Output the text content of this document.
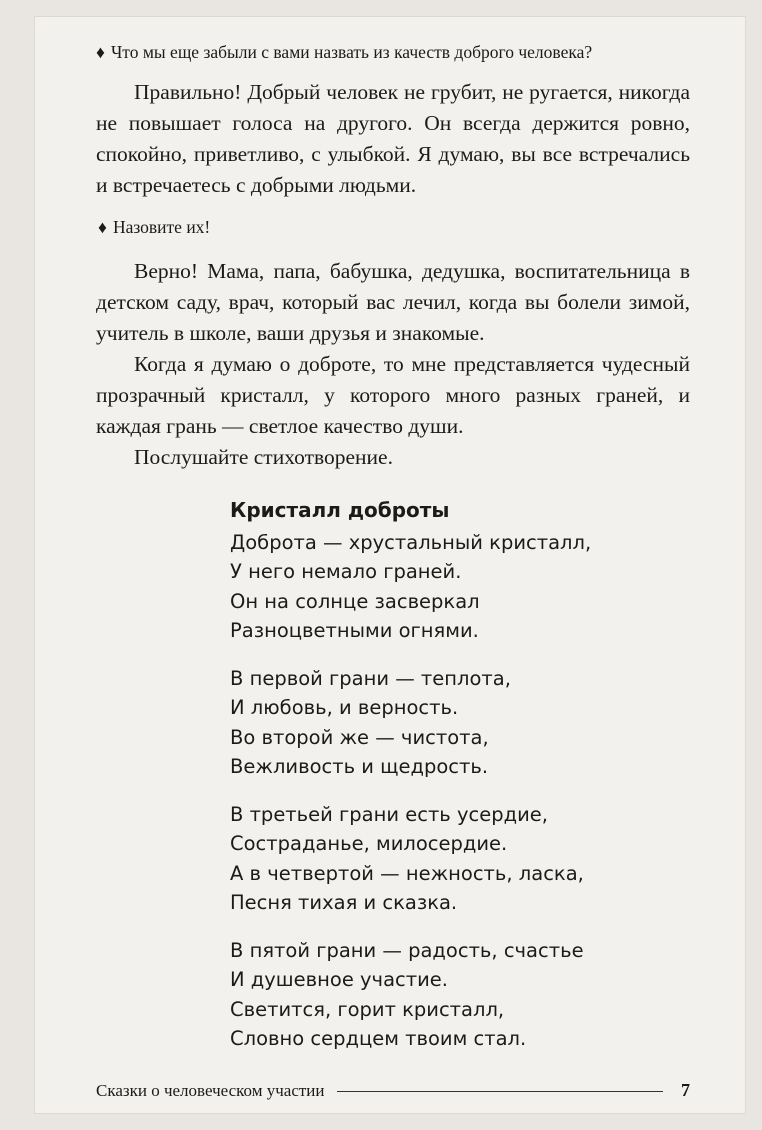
♦ Что мы еще забыли с вами назвать из качеств доброго человека?

Правильно! Добрый человек не грубит, не ругается, никогда не повышает голоса на другого. Он всегда держится ровно, спокойно, приветливо, с улыбкой. Я думаю, вы все встречались и встречаетесь с добрыми людьми.

♦ Назовите их!

Верно! Мама, папа, бабушка, дедушка, воспитательница в детском саду, врач, который вас лечил, когда вы болели зимой, учитель в школе, ваши друзья и знакомые.

Когда я думаю о доброте, то мне представляется чудесный прозрачный кристалл, у которого много разных граней, и каждая грань — светлое качество души.

Послушайте стихотворение.

Кристалл доброты
Доброта — хрустальный кристалл,
У него немало граней.
Он на солнце засверкал
Разноцветными огнями.
В первой грани — теплота,
И любовь, и верность.
Во второй же — чистота,
Вежливость и щедрость.
В третьей грани есть усердие,
Состраданье, милосердие.
А в четвертой — нежность, ласка,
Песня тихая и сказка.
В пятой грани — радость, счастье
И душевное участие.
Светится, горит кристалл,
Словно сердцем твоим стал.
Сказки о человеческом участии	7
